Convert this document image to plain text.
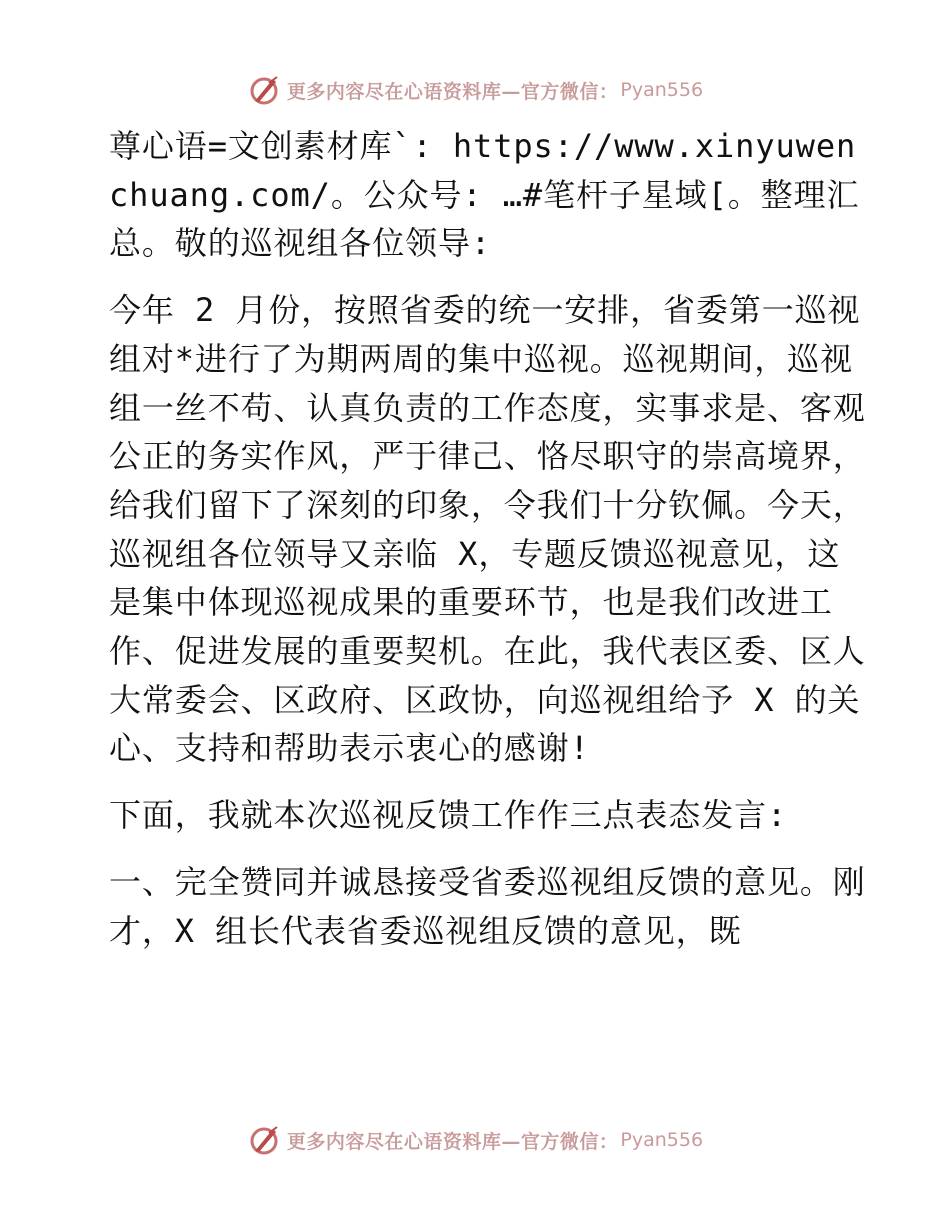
更多内容尽在心语资料库—官方微信： Pyan556

尊心语=文创素材库`: https://www.xinyuwenchuang.com/。公众号: …#笔杆子星域[。整理汇总。敬的巡视组各位领导:

今年 2 月份，按照省委的统一安排，省委第一巡视组对*进行了为期两周的集中巡视。巡视期间，巡视组一丝不苟、认真负责的工作态度，实事求是、客观公正的务实作风，严于律己、恪尽职守的崇高境界，给我们留下了深刻的印象，令我们十分钦佩。今天，巡视组各位领导又亲临 X，专题反馈巡视意见，这是集中体现巡视成果的重要环节，也是我们改进工作、促进发展的重要契机。在此，我代表区委、区人大常委会、区政府、区政协，向巡视组给予 X 的关心、支持和帮助表示衷心的感谢!

下面，我就本次巡视反馈工作作三点表态发言:

一、完全赞同并诚恳接受省委巡视组反馈的意见。刚才，X 组长代表省委巡视组反馈的意见，既

更多内容尽在心语资料库—官方微信： Pyan556
